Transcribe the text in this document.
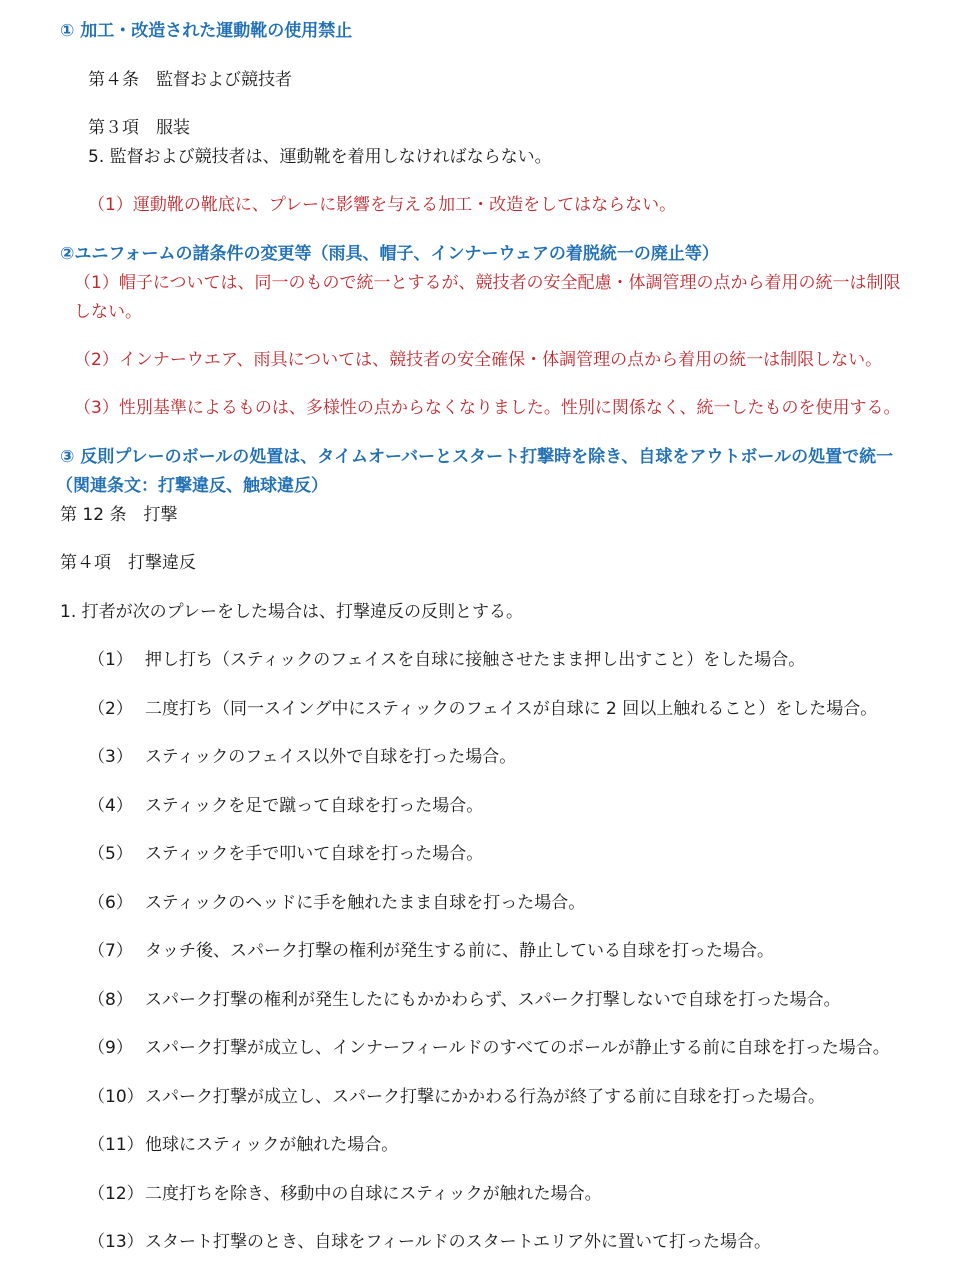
① 加工・改造された運動靴の使用禁止
第４条　監督および競技者
第３項　服装
5. 監督および競技者は、運動靴を着用しなければならない。
（1）運動靴の靴底に、プレーに影響を与える加工・改造をしてはならない。
②ユニフォームの諸条件の変更等（雨具、帽子、インナーウェアの着脱統一の廃止等）
（1）帽子については、同一のもので統一とするが、競技者の安全配慮・体調管理の点から着用の統一は制限
しない。
（2）インナーウエア、雨具については、競技者の安全確保・体調管理の点から着用の統一は制限しない。
（3）性別基準によるものは、多様性の点からなくなりました。性別に関係なく、統一したものを使用する。
③ 反則プレーのボールの処置は、タイムオーバーとスタート打撃時を除き、自球をアウトボールの処置で統一
（関連条文：打撃違反、触球違反）
第 12 条　打撃
第４項　打撃違反
1. 打者が次のプレーをした場合は、打撃違反の反則とする。
（1） 押し打ち（スティックのフェイスを自球に接触させたまま押し出すこと）をした場合。
（2） 二度打ち（同一スイング中にスティックのフェイスが自球に 2 回以上触れること）をした場合。
（3） スティックのフェイス以外で自球を打った場合。
（4） スティックを足で蹴って自球を打った場合。
（5） スティックを手で叩いて自球を打った場合。
（6） スティックのヘッドに手を触れたまま自球を打った場合。
（7） タッチ後、スパーク打撃の権利が発生する前に、静止している自球を打った場合。
（8） スパーク打撃の権利が発生したにもかかわらず、スパーク打撃しないで自球を打った場合。
（9） スパーク打撃が成立し、インナーフィールドのすべてのボールが静止する前に自球を打った場合。
（10） スパーク打撃が成立し、スパーク打撃にかかわる行為が終了する前に自球を打った場合。
（11） 他球にスティックが触れた場合。
（12） 二度打ちを除き、移動中の自球にスティックが触れた場合。
（13） スタート打撃のとき、自球をフィールドのスタートエリア外に置いて打った場合。
